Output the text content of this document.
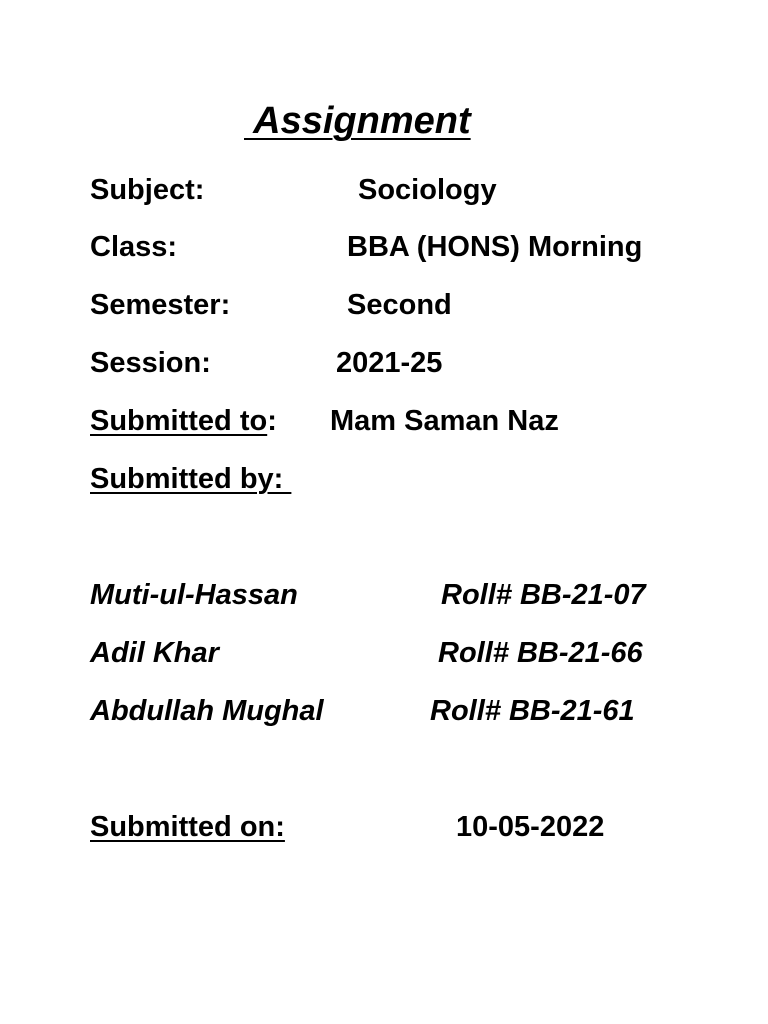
Assignment
Subject:	Sociology
Class:	BBA (HONS) Morning
Semester:	Second
Session:	2021-25
Submitted to: Mam Saman Naz
Submitted by:
Muti-ul-Hassan	Roll# BB-21-07
Adil Khar	Roll# BB-21-66
Abdullah Mughal	Roll# BB-21-61
Submitted on:	10-05-2022
